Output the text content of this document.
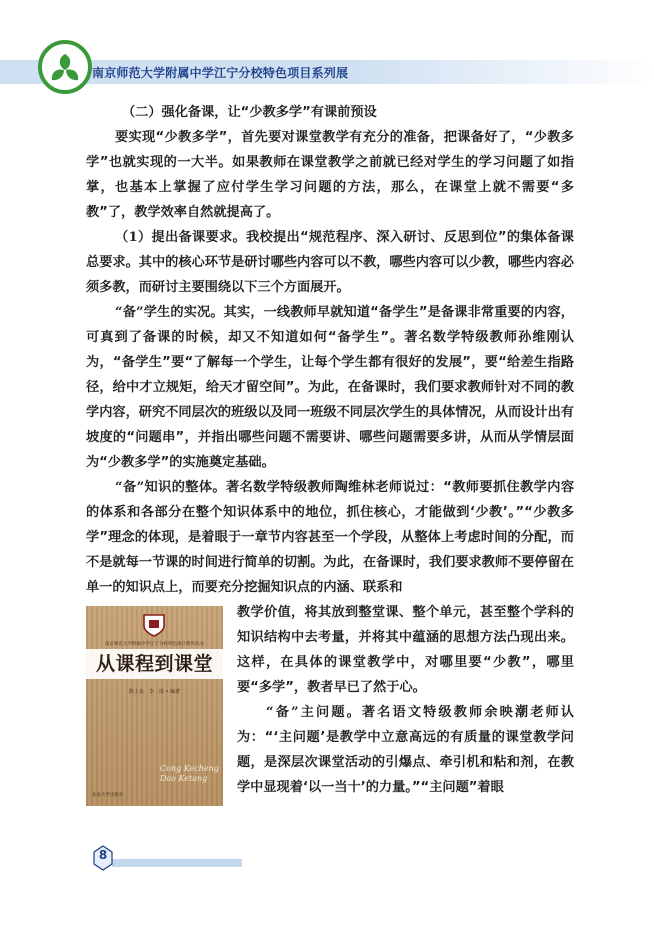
南京师范大学附属中学江宁分校特色项目系列展
（二）强化备课，让“少教多学”有课前预设

要实现“少教多学”，首先要对课堂教学有充分的准备，把课备好了，“少教多学”也就实现的一大半。如果教师在课堂教学之前就已经对学生的学习问题了如指掌，也基本上掌握了应付学生学习问题的方法，那么，在课堂上就不需要“多教”了，教学效率自然就提高了。

（1）提出备课要求。我校提出“规范程序、深入研讨、反思到位”的集体备课总要求。其中的核心环节是研讨哪些内容可以不教，哪些内容可以少教，哪些内容必须多教，而研讨主要围绕以下三个方面展开。

“备”学生的实况。其实，一线教师早就知道“备学生”是备课非常重要的内容，可真到了备课的时候，却又不知道如何“备学生”。著名数学特级教师孙维刚认为，“备学生”要“了解每一个学生，让每个学生都有很好的发展”，要“给差生指路径，给中才立规矩，给天才留空间”。为此，在备课时，我们要求教师针对不同的教学内容，研究不同层次的班级以及同一班级不同层次学生的具体情况，从而设计出有坡度的“问题串”，并指出哪些问题不需要讲、哪些问题需要多讲，从而从学情层面为“少教多学”的实施奠定基础。

“备”知识的整体。著名数学特级教师陶维林老师说过：“教师要抓住教学内容的体系和各部分在整个知识体系中的地位，抓住核心，才能做到‘少教’。”“少教多学”理念的体现，是着眼于一章节内容甚至一个学段，从整体上考虑时间的分配，而不是就每一节课的时间进行简单的切割。为此，在备课时，我们要求教师不要停留在单一的知识点上，而要充分挖掘知识点的内涵、联系和

南京师范大学附属中学江宁分校特色项目系列丛书
从课程到课堂
陈士良　李　琦 • 编著
Cong Kecheng
Dao Ketang
东南大学出版社

教学价值，将其放到整堂课、整个单元，甚至整个学科的知识结构中去考量，并将其中蕴涵的思想方法凸现出来。这样，在具体的课堂教学中，对哪里要“少教”，哪里要“多学”，教者早已了然于心。

“备”主问题。著名语文特级教师余映潮老师认为：“‘主问题’是教学中立意高远的有质量的课堂教学问题，是深层次课堂活动的引爆点、牵引机和粘和剂，在教学中显现着‘以一当十’的力量。”“主问题”着眼

8
